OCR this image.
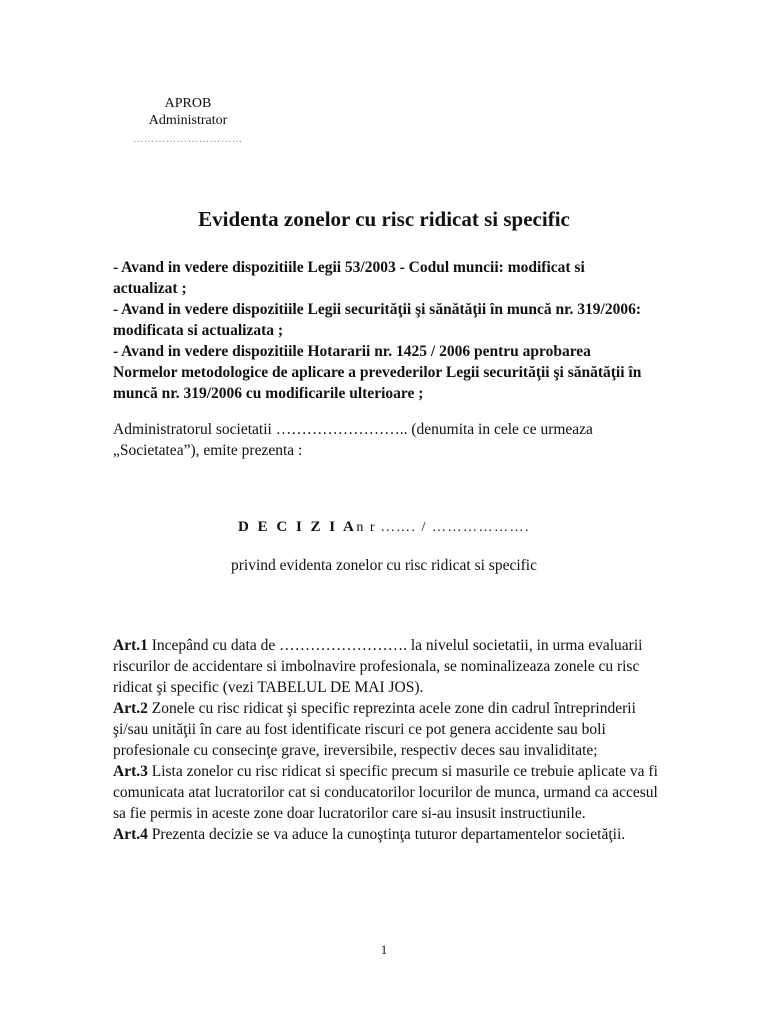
APROB
Administrator
…………………………
Evidenta zonelor cu risc ridicat si specific

- Avand in vedere dispozitiile Legii 53/2003 - Codul muncii: modificat si actualizat ;

- Avand in vedere dispozitiile Legii securităţii şi sănătăţii în muncă nr. 319/2006: modificata si actualizata ;

- Avand in vedere dispozitiile Hotararii nr. 1425 / 2006 pentru aprobarea Normelor metodologice de aplicare a prevederilor Legii securităţii şi sănătăţii în muncă nr. 319/2006 cu modificarile ulterioare ;

Administratorul societatii …………………….. (denumita in cele ce urmeaza „Societatea”), emite prezenta :

D E C I Z I An r ...…. / ……………….
privind evidenta zonelor cu risc ridicat si specific

Art.1 Incepând cu data de ……………………. la nivelul societatii, in urma evaluarii riscurilor de accidentare si imbolnavire profesionala, se nominalizeaza zonele cu risc ridicat şi specific (vezi TABELUL DE MAI JOS).

Art.2 Zonele cu risc ridicat şi specific reprezinta acele zone din cadrul întreprinderii şi/sau unităţii în care au fost identificate riscuri ce pot genera accidente sau boli profesionale cu consecinţe grave, ireversibile, respectiv deces sau invaliditate;

Art.3 Lista zonelor cu risc ridicat si specific precum si masurile ce trebuie aplicate va fi comunicata atat lucratorilor cat si conducatorilor locurilor de munca, urmand ca accesul sa fie permis in aceste zone doar lucratorilor care si-au insusit instructiunile.

Art.4 Prezenta decizie se va aduce la cunoştinţa tuturor departamentelor societăţii.

1
